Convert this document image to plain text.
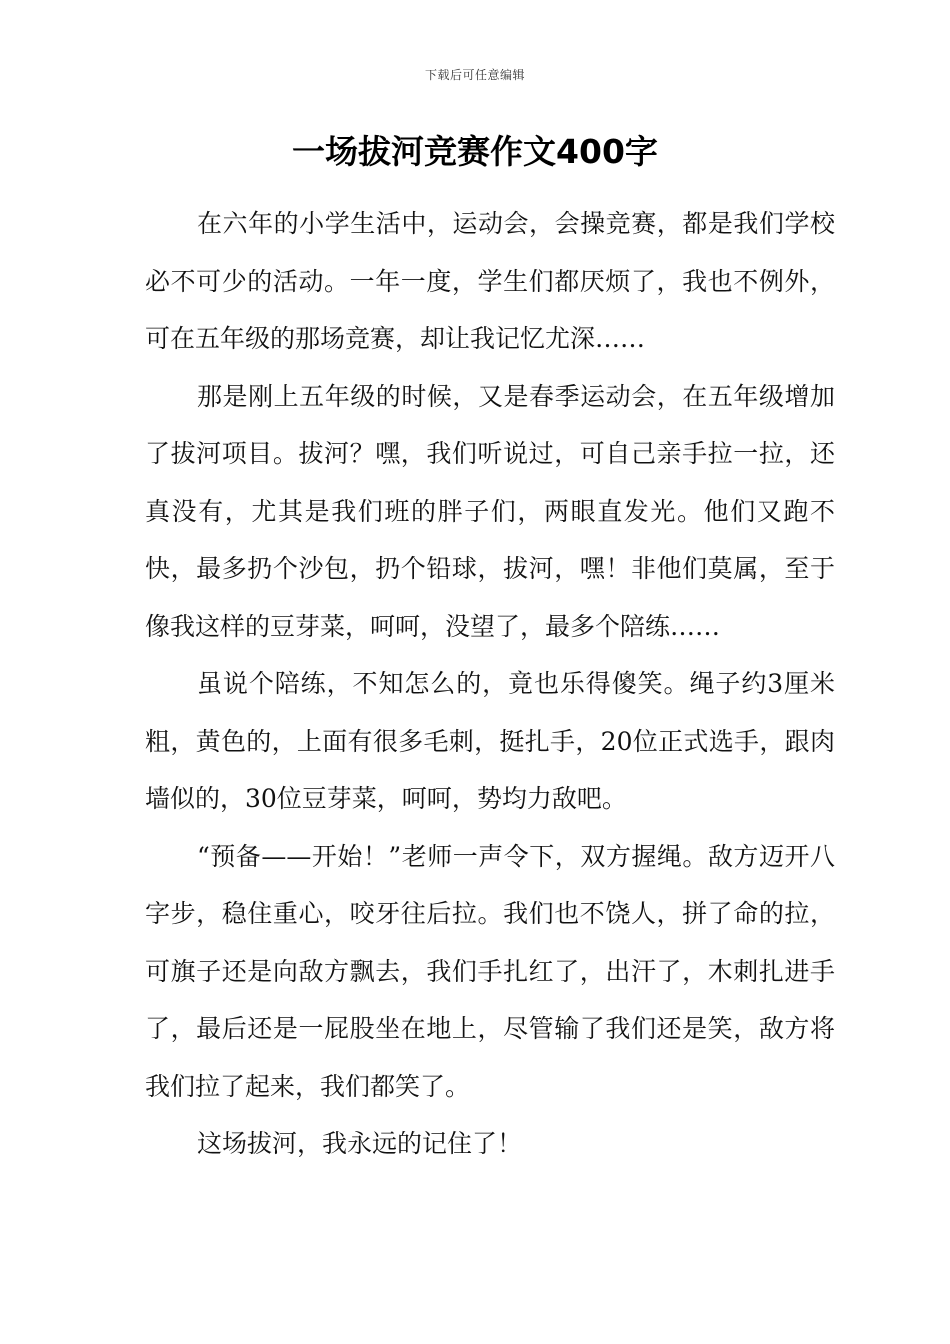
下载后可任意编辑
一场拔河竞赛作文400字

在六年的小学生活中，运动会，会操竞赛，都是我们学校必不可少的活动。一年一度，学生们都厌烦了，我也不例外，可在五年级的那场竞赛，却让我记忆尤深……

那是刚上五年级的时候，又是春季运动会，在五年级增加了拔河项目。拔河？嘿，我们听说过，可自己亲手拉一拉，还真没有，尤其是我们班的胖子们，两眼直发光。他们又跑不快，最多扔个沙包，扔个铅球，拔河，嘿！非他们莫属，至于像我这样的豆芽菜，呵呵，没望了，最多个陪练……

虽说个陪练，不知怎么的，竟也乐得傻笑。绳子约3厘米粗，黄色的，上面有很多毛刺，挺扎手，20位正式选手，跟肉墙似的，30位豆芽菜，呵呵，势均力敌吧。

“预备——开始！”老师一声令下，双方握绳。敌方迈开八字步，稳住重心，咬牙往后拉。我们也不饶人，拼了命的拉，可旗子还是向敌方飘去，我们手扎红了，出汗了，木刺扎进手了，最后还是一屁股坐在地上，尽管输了我们还是笑，敌方将我们拉了起来，我们都笑了。

这场拔河，我永远的记住了！
